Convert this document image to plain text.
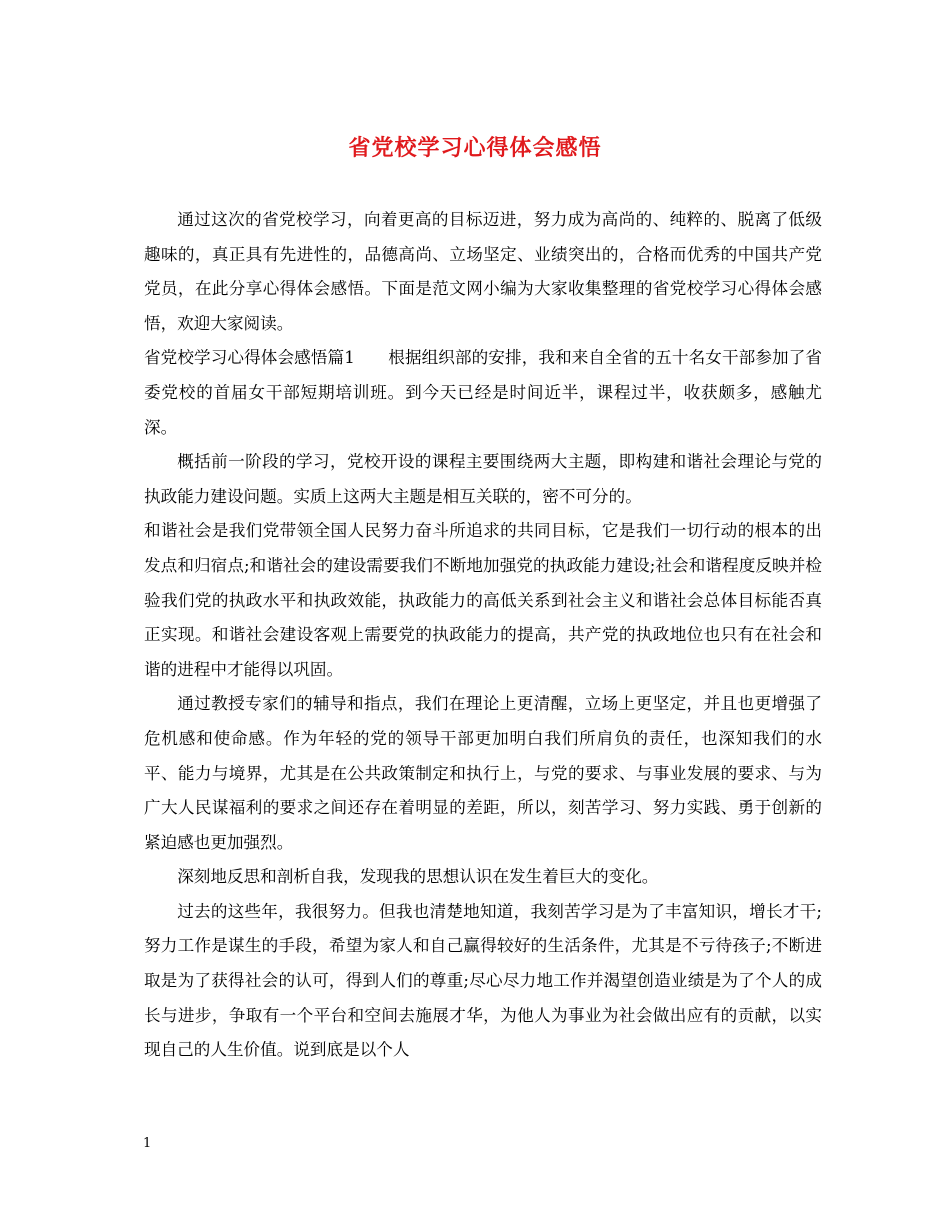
省党校学习心得体会感悟

通过这次的省党校学习，向着更高的目标迈进，努力成为高尚的、纯粹的、脱离了低级趣味的，真正具有先进性的，品德高尚、立场坚定、业绩突出的，合格而优秀的中国共产党党员，在此分享心得体会感悟。下面是范文网小编为大家收集整理的省党校学习心得体会感悟，欢迎大家阅读。

省党校学习心得体会感悟篇1　　根据组织部的安排，我和来自全省的五十名女干部参加了省委党校的首届女干部短期培训班。到今天已经是时间近半，课程过半，收获颇多，感触尤深。

概括前一阶段的学习，党校开设的课程主要围绕两大主题，即构建和谐社会理论与党的执政能力建设问题。实质上这两大主题是相互关联的，密不可分的。

和谐社会是我们党带领全国人民努力奋斗所追求的共同目标，它是我们一切行动的根本的出发点和归宿点;和谐社会的建设需要我们不断地加强党的执政能力建设;社会和谐程度反映并检验我们党的执政水平和执政效能，执政能力的高低关系到社会主义和谐社会总体目标能否真正实现。和谐社会建设客观上需要党的执政能力的提高，共产党的执政地位也只有在社会和谐的进程中才能得以巩固。

通过教授专家们的辅导和指点，我们在理论上更清醒，立场上更坚定，并且也更增强了危机感和使命感。作为年轻的党的领导干部更加明白我们所肩负的责任，也深知我们的水平、能力与境界，尤其是在公共政策制定和执行上，与党的要求、与事业发展的要求、与为广大人民谋福利的要求之间还存在着明显的差距，所以，刻苦学习、努力实践、勇于创新的紧迫感也更加强烈。

深刻地反思和剖析自我，发现我的思想认识在发生着巨大的变化。

过去的这些年，我很努力。但我也清楚地知道，我刻苦学习是为了丰富知识，增长才干;努力工作是谋生的手段，希望为家人和自己赢得较好的生活条件，尤其是不亏待孩子;不断进取是为了获得社会的认可，得到人们的尊重;尽心尽力地工作并渴望创造业绩是为了个人的成长与进步，争取有一个平台和空间去施展才华，为他人为事业为社会做出应有的贡献，以实现自己的人生价值。说到底是以个人

1
